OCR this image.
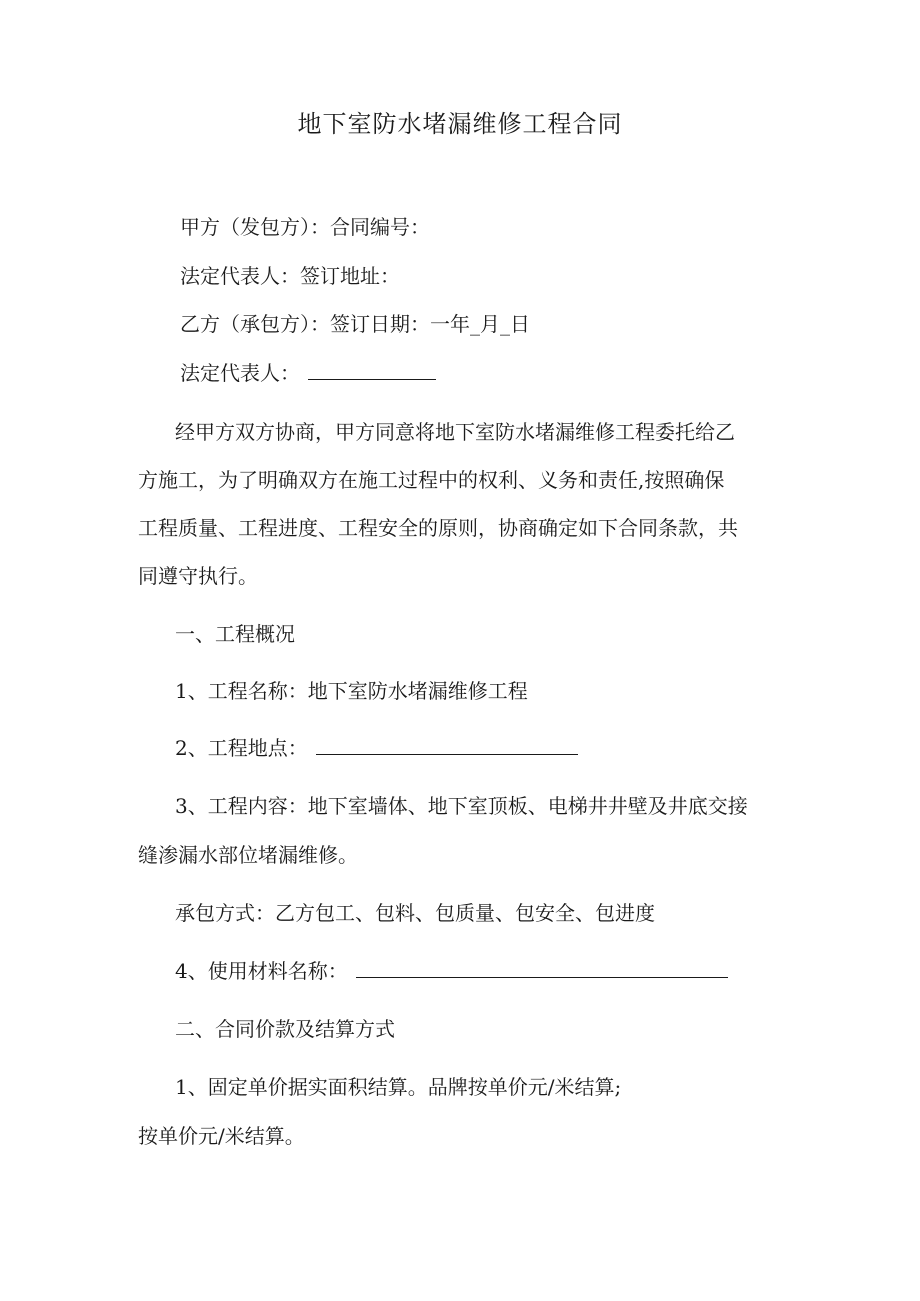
地下室防水堵漏维修工程合同
甲方（发包方）：合同编号：
法定代表人：签订地址：
乙方（承包方）：签订日期：一年_月_日
法定代表人：
经甲方双方协商，甲方同意将地下室防水堵漏维修工程委托给乙
方施工，为了明确双方在施工过程中的权利、义务和责任,按照确保
工程质量、工程进度、工程安全的原则，协商确定如下合同条款，共
同遵守执行。
一、工程概况
1、工程名称：地下室防水堵漏维修工程
2、工程地点：
3、工程内容：地下室墙体、地下室顶板、电梯井井壁及井底交接
缝渗漏水部位堵漏维修。
承包方式：乙方包工、包料、包质量、包安全、包进度
4、使用材料名称：
二、合同价款及结算方式
1、固定单价据实面积结算。品牌按单价元/米结算;
按单价元/米结算。
